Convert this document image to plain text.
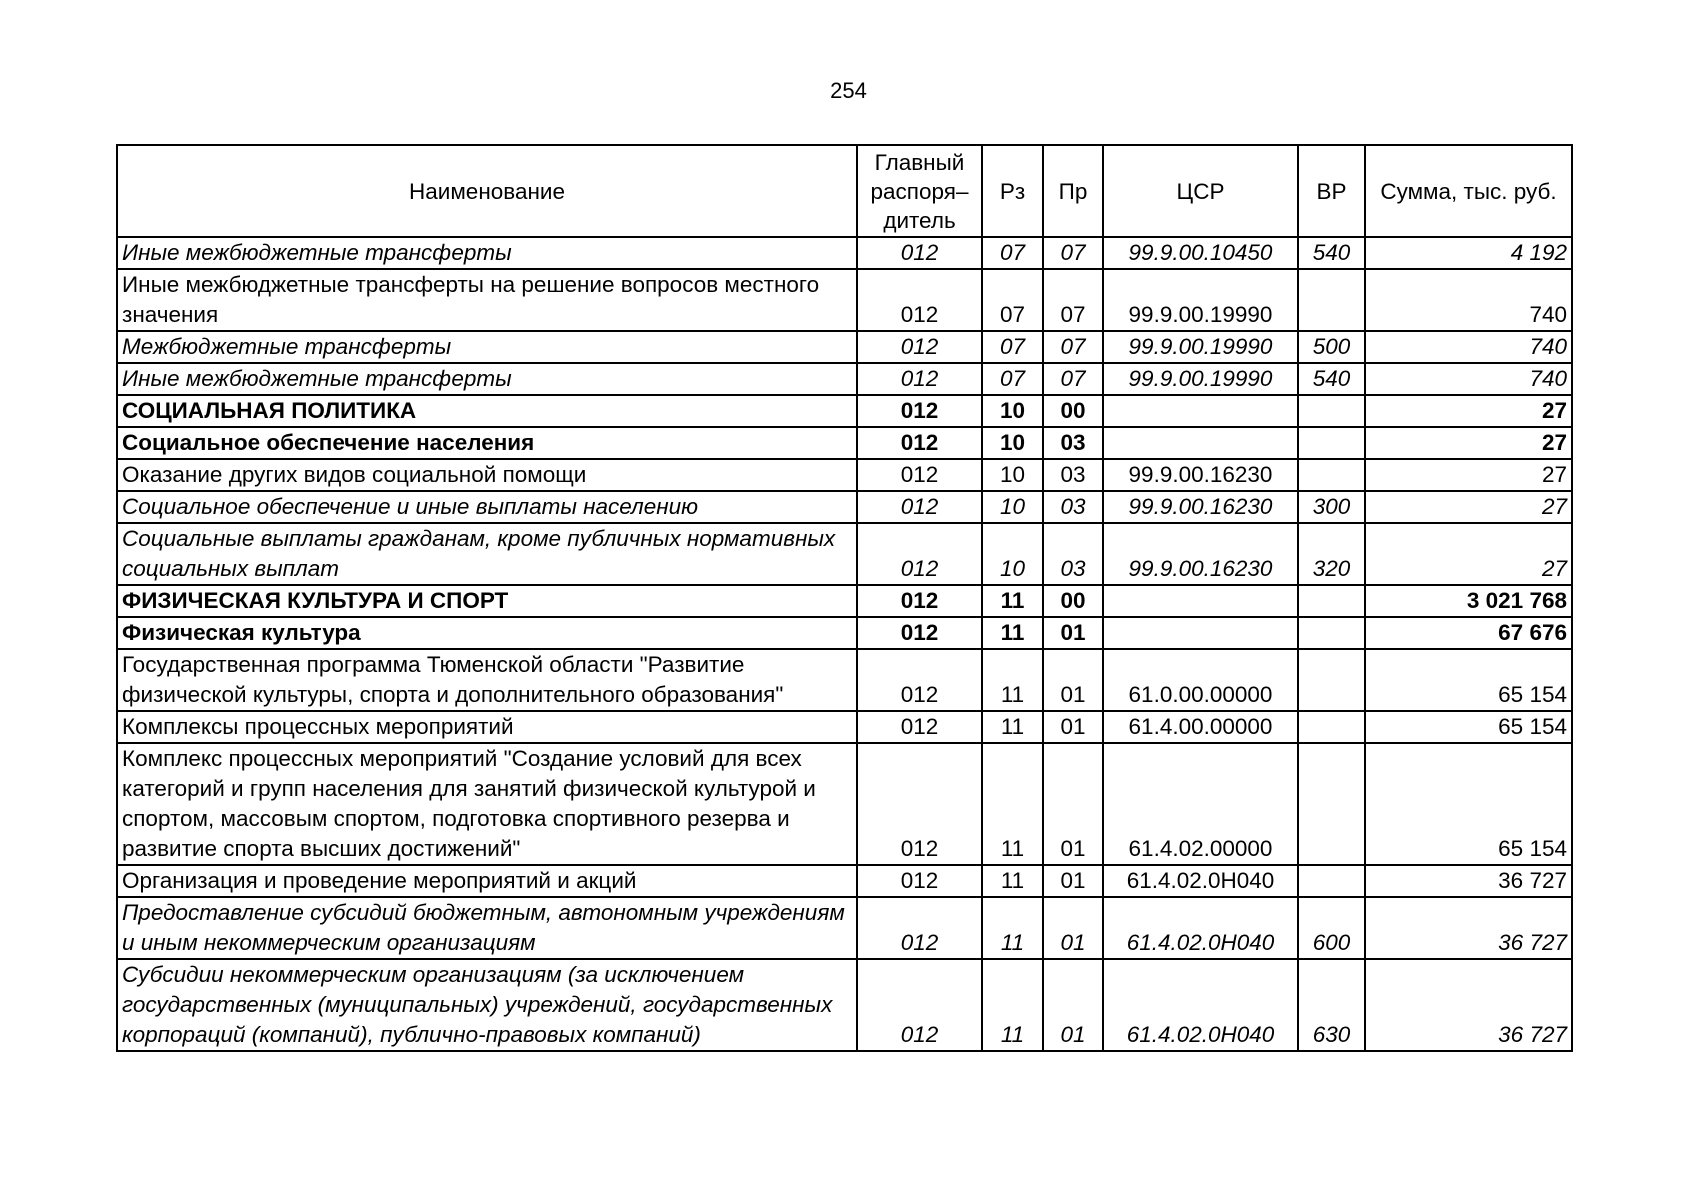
254
Наименование	Главный распоря– дитель	Рз	Пр	ЦСР	ВР	Сумма, тыс. руб.
Иные межбюджетные трансферты	012	07	07	99.9.00.10450	540	4 192
Иные межбюджетные трансферты на решение вопросов местного значения	012	07	07	99.9.00.19990		740
Межбюджетные трансферты	012	07	07	99.9.00.19990	500	740
Иные межбюджетные трансферты	012	07	07	99.9.00.19990	540	740
СОЦИАЛЬНАЯ ПОЛИТИКА	012	10	00			27
Социальное обеспечение населения	012	10	03			27
Оказание других видов социальной помощи	012	10	03	99.9.00.16230		27
Социальное обеспечение и иные выплаты населению	012	10	03	99.9.00.16230	300	27
Социальные выплаты гражданам, кроме публичных нормативных социальных выплат	012	10	03	99.9.00.16230	320	27
ФИЗИЧЕСКАЯ КУЛЬТУРА И СПОРТ	012	11	00			3 021 768
Физическая культура	012	11	01			67 676
Государственная программа Тюменской области "Развитие физической культуры, спорта и дополнительного образования"	012	11	01	61.0.00.00000		65 154
Комплексы процессных мероприятий	012	11	01	61.4.00.00000		65 154
Комплекс процессных мероприятий "Создание условий для всех категорий и групп населения для занятий физической культурой и спортом, массовым спортом, подготовка спортивного резерва и развитие спорта высших достижений"	012	11	01	61.4.02.00000		65 154
Организация и проведение мероприятий и акций	012	11	01	61.4.02.0Н040		36 727
Предоставление субсидий бюджетным, автономным учреждениям и иным некоммерческим организациям	012	11	01	61.4.02.0Н040	600	36 727
Субсидии некоммерческим организациям (за исключением государственных (муниципальных) учреждений, государственных корпораций (компаний), публично-правовых компаний)	012	11	01	61.4.02.0Н040	630	36 727
